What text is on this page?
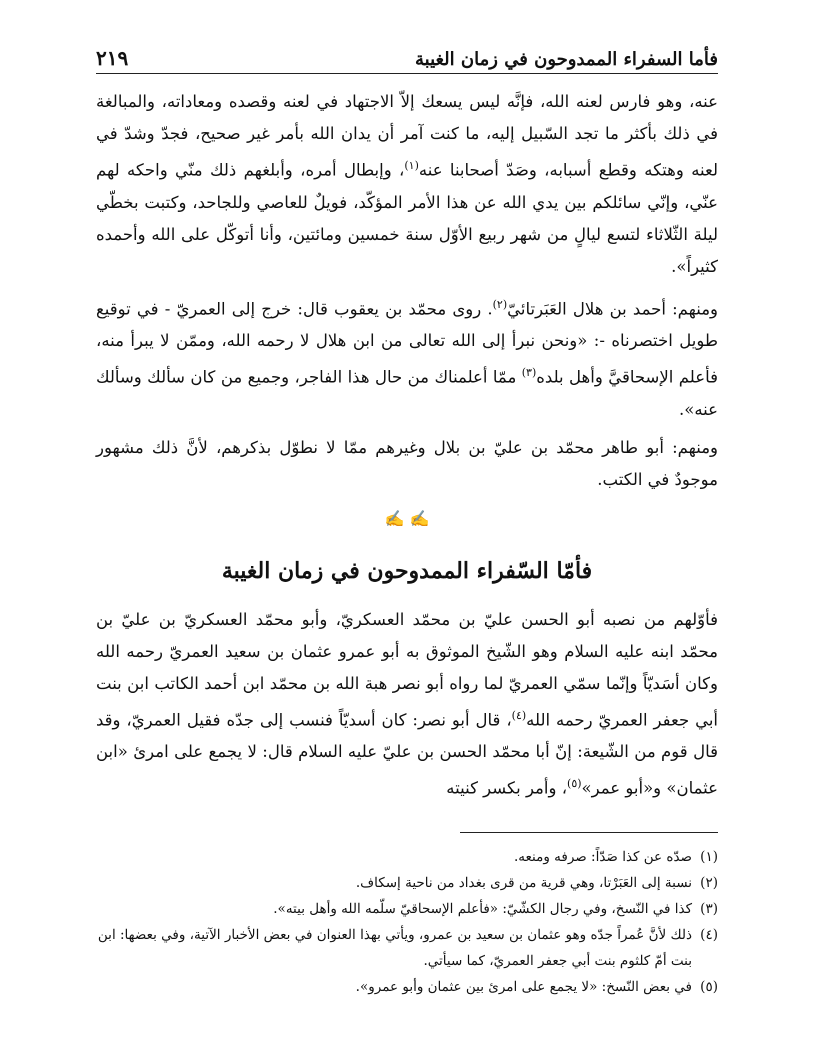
فأما السفراء الممدوحون في زمان الغيبة
٢١٩

عنه، وهو فارس لعنه الله، فإنَّه ليس يسعك إلاّ الاجتهاد في لعنه وقصده ومعاداته، والمبالغة في ذلك بأكثر ما تجد السّبيل إليه، ما كنت آمر أن يدان الله بأمر غير صحيح، فجدّ وشدّ في لعنه وهتكه وقطع أسبابه، وصَدّ أصحابنا عنه$^{(١)}$، وإبطال أمره، وأبلغهم ذلك منّي واحكه لهم عنّي، وإنّي سائلكم بين يدي الله عن هذا الأمر المؤكّد، فويلٌ للعاصي وللجاحد، وكتبت بخطّي ليلة الثّلاثاء لتسع ليالٍ من شهر ربيع الأوّل سنة خمسين ومائتين، وأنا أتوكّل على الله وأحمده كثيراً».

ومنهم: أحمد بن هلال العَبَرتائيّ$^{(٢)}$. روى محمّد بن يعقوب قال: خرج إلى العمريّ - في توقيع طويل اختصرناه -: «ونحن نبرأ إلى الله تعالى من ابن هلال لا رحمه الله، وممّن لا يبرأ منه، فأعلم الإسحاقيَّ وأهل بلده$^{(٣)}$ ممّا أعلمناك من حال هذا الفاجر، وجميع من كان سألك وسألك عنه».

ومنهم: أبو طاهر محمّد بن عليّ بن بلال وغيرهم ممّا لا نطوّل بذكرهم، لأنَّ ذلك مشهور موجودٌ في الكتب.

✍ ✍
فأمّا السّفراء الممدوحون في زمان الغيبة

فأوّلهم من نصبه أبو الحسن عليّ بن محمّد العسكريّ، وأبو محمّد العسكريّ بن عليّ بن محمّد ابنه عليه السلام وهو الشّيخ الموثوق به أبو عمرو عثمان بن سعيد العمريّ رحمه الله وكان أسَديّاً وإنّما سمّي العمريّ لما رواه أبو نصر هبة الله بن محمّد ابن أحمد الكاتب ابن بنت أبي جعفر العمريّ رحمه الله$^{(٤)}$، قال أبو نصر: كان أسديّاً فنسب إلى جدّه فقيل العمريّ، وقد قال قوم من الشّيعة: إنّ أبا محمّد الحسن بن عليّ عليه السلام قال: لا يجمع على امرئ «ابن عثمان» و«أبو عمر»$^{(٥)}$، وأمر بكسر كنيته

(١)
صدّه عن كذا صَدّاً: صرفه ومنعه.
(٢)
نسبة إلى العَبَرْتا، وهي قرية من قرى بغداد من ناحية إسكاف.
(٣)
كذا في النّسخ، وفي رجال الكشّيّ: «فأعلم الإسحاقيّ سلّمه الله وأهل بيته».
(٤)
ذلك لأنَّ عُمراً جدّه وهو عثمان بن سعيد بن عمرو، ويأتي بهذا العنوان في بعض الأخبار الآتية، وفي بعضها: ابن بنت أمّ كلثوم بنت أبي جعفر العمريّ، كما سيأتي.
(٥)
في بعض النّسخ: «لا يجمع على امرئ بين عثمان وأبو عمرو».
